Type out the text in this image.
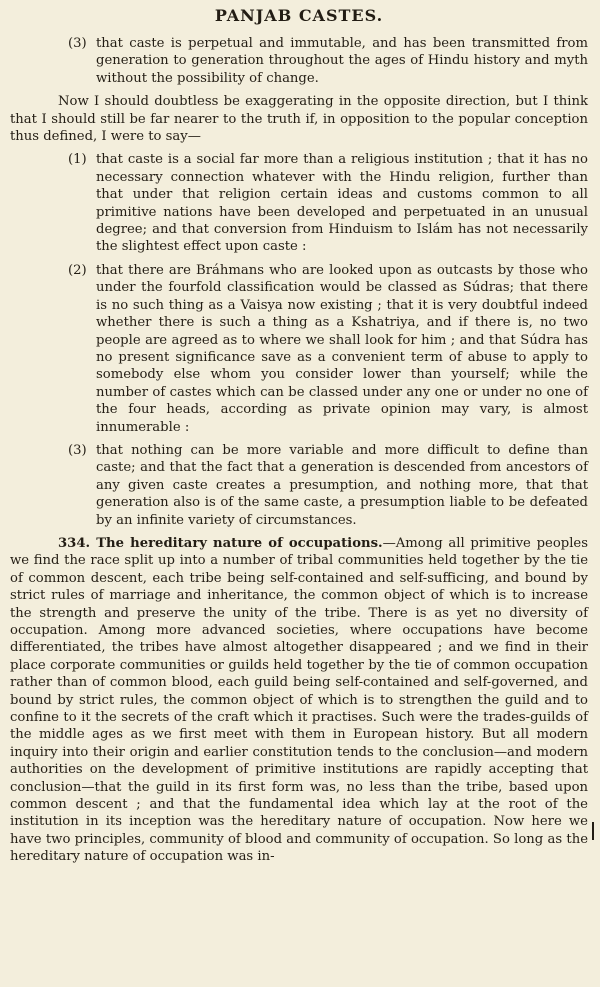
PANJAB CASTES.
(3) that caste is perpetual and immutable, and has been transmitted from generation to generation throughout the ages of Hindu history and myth without the possibility of change.

Now I should doubtless be exaggerating in the opposite direction, but I think that I should still be far nearer to the truth if, in opposition to the popular conception thus defined, I were to say—

(1) that caste is a social far more than a religious institution ; that it has no necessary connection whatever with the Hindu religion, further than that under that religion certain ideas and customs common to all primitive nations have been developed and perpetuated in an unusual degree; and that conversion from Hinduism to Islám has not necessarily the slightest effect upon caste :
(2) that there are Bráhmans who are looked upon as outcasts by those who under the fourfold classification would be classed as Súdras; that there is no such thing as a Vaisya now existing ; that it is very doubtful indeed whether there is such a thing as a Kshatriya, and if there is, no two people are agreed as to where we shall look for him ; and that Súdra has no present significance save as a convenient term of abuse to apply to somebody else whom you consider lower than yourself; while the number of castes which can be classed under any one or under no one of the four heads, according as private opinion may vary, is almost innumerable :
(3) that nothing can be more variable and more difficult to define than caste; and that the fact that a generation is descended from ancestors of any given caste creates a presumption, and nothing more, that that generation also is of the same caste, a presumption liable to be defeated by an infinite variety of circumstances.

334. The hereditary nature of occupations.—Among all primitive peoples we find the race split up into a number of tribal communities held together by the tie of common descent, each tribe being self-contained and self-sufficing, and bound by strict rules of marriage and inheritance, the common object of which is to increase the strength and preserve the unity of the tribe. There is as yet no diversity of occupation. Among more advanced societies, where occupations have become differentiated, the tribes have almost altogether disappeared ; and we find in their place corporate communities or guilds held together by the tie of common occupation rather than of common blood, each guild being self-contained and self-governed, and bound by strict rules, the common object of which is to strengthen the guild and to confine to it the secrets of the craft which it practises. Such were the trades-guilds of the middle ages as we first meet with them in European history. But all modern inquiry into their origin and earlier constitution tends to the conclusion—and modern authorities on the development of primitive institutions are rapidly accepting that conclusion—that the guild in its first form was, no less than the tribe, based upon common descent ; and that the fundamental idea which lay at the root of the institution in its inception was the hereditary nature of occupation. Now here we have two principles, community of blood and community of occupation. So long as the hereditary nature of occupation was in-
